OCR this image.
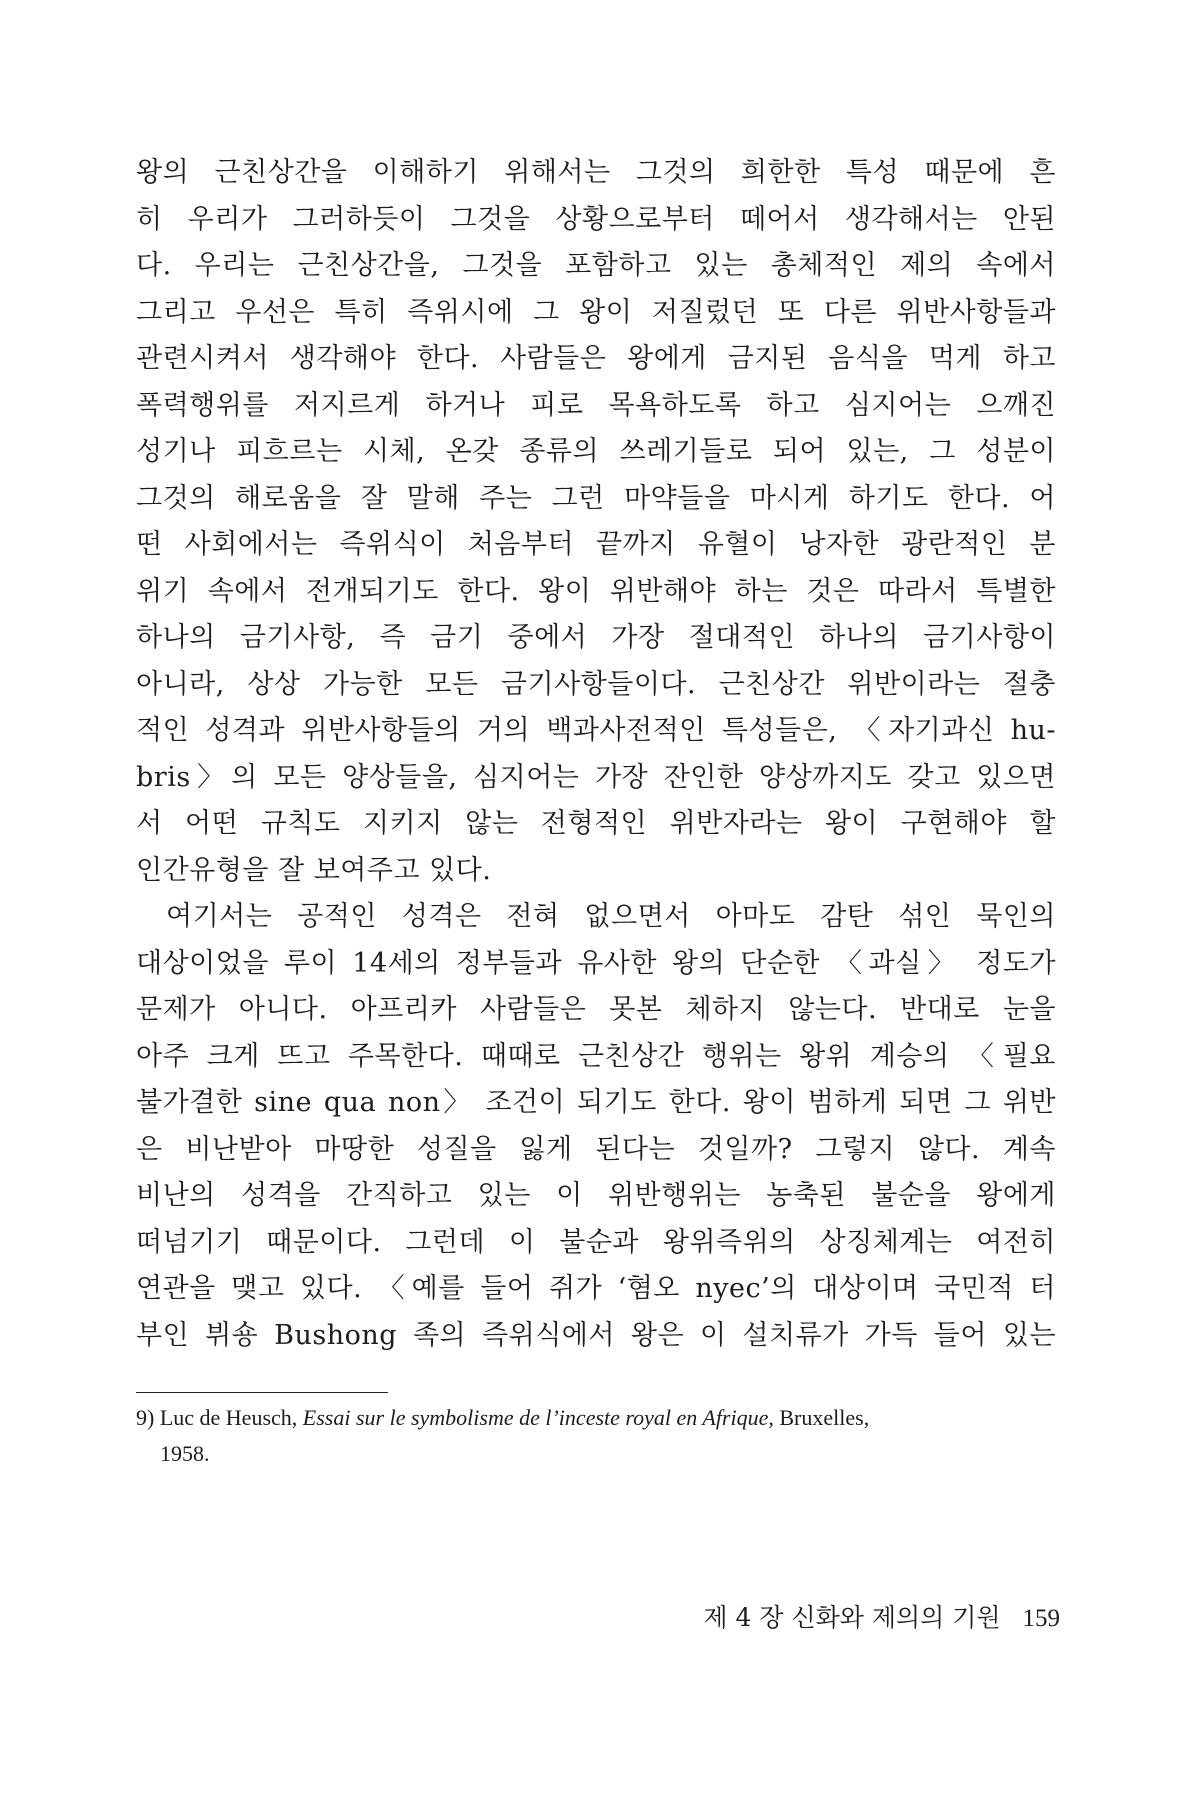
왕의 근친상간을 이해하기 위해서는 그것의 희한한 특성 때문에 흔
히 우리가 그러하듯이 그것을 상황으로부터 떼어서 생각해서는 안된
다. 우리는 근친상간을, 그것을 포함하고 있는 총체적인 제의 속에서
그리고 우선은 특히 즉위시에 그 왕이 저질렀던 또 다른 위반사항들과
관련시켜서 생각해야 한다. 사람들은 왕에게 금지된 음식을 먹게 하고
폭력행위를 저지르게 하거나 피로 목욕하도록 하고 심지어는 으깨진
성기나 피흐르는 시체, 온갖 종류의 쓰레기들로 되어 있는, 그 성분이
그것의 해로움을 잘 말해 주는 그런 마약들을 마시게 하기도 한다. 어
떤 사회에서는 즉위식이 처음부터 끝까지 유혈이 낭자한 광란적인 분
위기 속에서 전개되기도 한다. 왕이 위반해야 하는 것은 따라서 특별한
하나의 금기사항, 즉 금기 중에서 가장 절대적인 하나의 금기사항이
아니라, 상상 가능한 모든 금기사항들이다. 근친상간 위반이라는 절충
적인 성격과 위반사항들의 거의 백과사전적인 특성들은, 〈자기과신 hu-
bris〉의 모든 양상들을, 심지어는 가장 잔인한 양상까지도 갖고 있으면
서 어떤 규칙도 지키지 않는 전형적인 위반자라는 왕이 구현해야 할
인간유형을 잘 보여주고 있다.
여기서는 공적인 성격은 전혀 없으면서 아마도 감탄 섞인 묵인의
대상이었을 루이 14세의 정부들과 유사한 왕의 단순한 〈과실〉 정도가
문제가 아니다. 아프리카 사람들은 못본 체하지 않는다. 반대로 눈을
아주 크게 뜨고 주목한다. 때때로 근친상간 행위는 왕위 계승의 〈필요
불가결한 sine qua non〉 조건이 되기도 한다. 왕이 범하게 되면 그 위반
은 비난받아 마땅한 성질을 잃게 된다는 것일까? 그렇지 않다. 계속
비난의 성격을 간직하고 있는 이 위반행위는 농축된 불순을 왕에게
떠넘기기 때문이다. 그런데 이 불순과 왕위즉위의 상징체계는 여전히
연관을 맺고 있다. 〈예를 들어 쥐가 ‘혐오 nyec’의 대상이며 국민적 터
부인 뷔숑 Bushong 족의 즉위식에서 왕은 이 설치류가 가득 들어 있는
9) Luc de Heusch, Essai sur le symbolisme de l’inceste royal en Afrique, Bruxelles,
1958.
제 4 장 신화와 제의의 기원 159
